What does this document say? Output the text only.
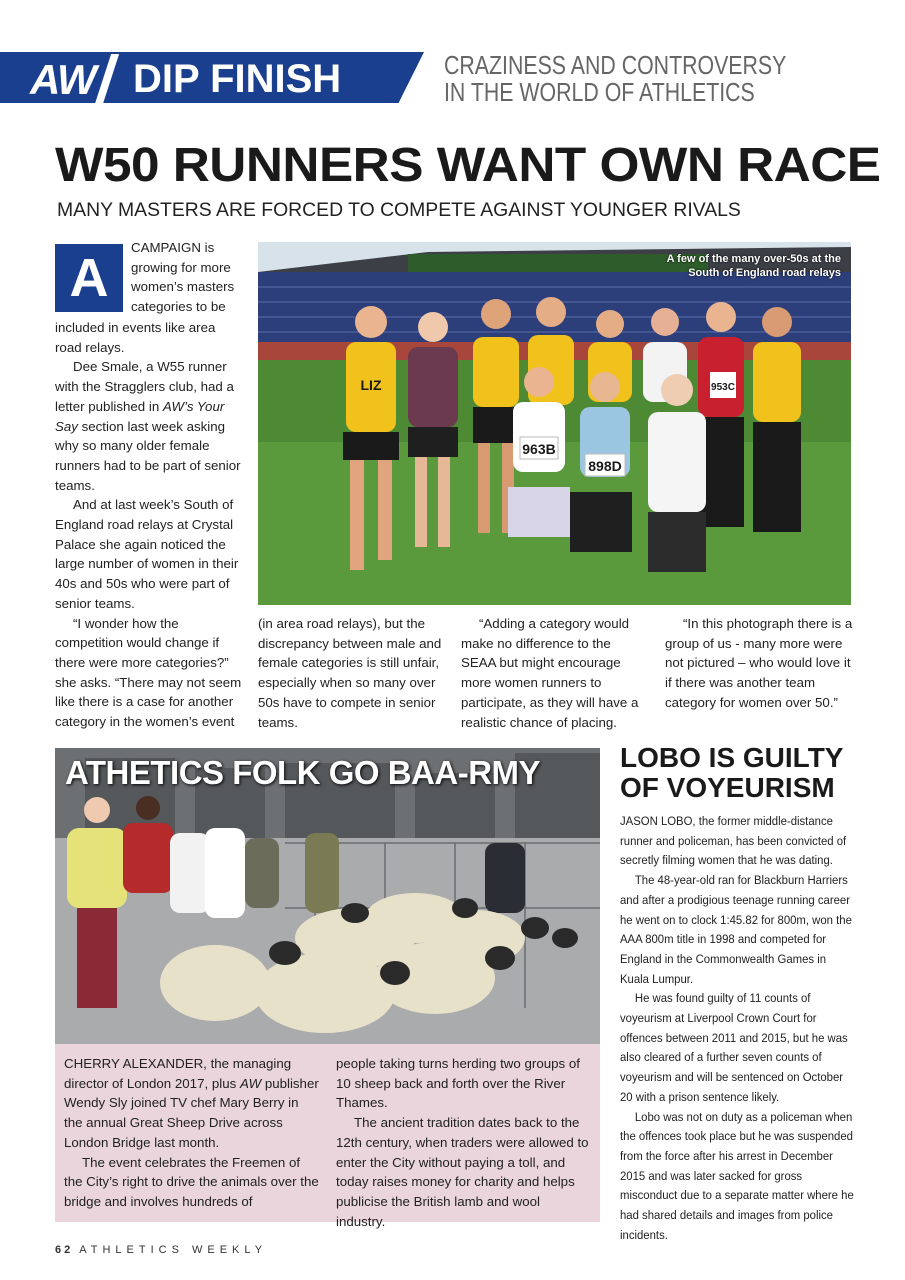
AW DIP FINISH	CRAZINESS AND CONTROVERSY
IN THE WORLD OF ATHLETICS
W50 RUNNERS WANT OWN RACE
MANY MASTERS ARE FORCED TO COMPETE AGAINST YOUNGER RIVALS
A
CAMPAIGN is
growing for more
women’s masters
categories to be

included in events like area road relays.

Dee Smale, a W55 runner with the Stragglers club, had a letter published in AW’s Your Say section last week asking why so many older female runners had to be part of senior teams.

And at last week’s South of England road relays at Crystal Palace she again noticed the large number of women in their 40s and 50s who were part of senior teams.

“I wonder how the competition would change if there were more categories?” she asks. “There may not seem like there is a case for another category in the women’s event

LIZ	953C
963B
898D
A few of the many over-50s at the
South of England road relays

(in area road relays), but the discrepancy between male and female categories is still unfair, especially when so many over 50s have to compete in senior teams.

“Adding a category would make no difference to the SEAA but might encourage more women runners to participate, as they will have a realistic chance of placing.

“In this photograph there is a group of us - many more were not pictured – who would love it if there was another team category for women over 50.”

ATHETICS FOLK GO BAA-RMY

CHERRY ALEXANDER, the managing director of London 2017, plus AW publisher Wendy Sly joined TV chef Mary Berry in the annual Great Sheep Drive across London Bridge last month.

The event celebrates the Freemen of the City’s right to drive the animals over the bridge and involves hundreds of

people taking turns herding two groups of 10 sheep back and forth over the River Thames.

The ancient tradition dates back to the 12th century, when traders were allowed to enter the City without paying a toll, and today raises money for charity and helps publicise the British lamb and wool industry.

LOBO IS GUILTY
OF VOYEURISM

JASON LOBO, the former middle-distance runner and policeman, has been convicted of secretly filming women that he was dating.

The 48-year-old ran for Blackburn Harriers and after a prodigious teenage running career he went on to clock 1:45.82 for 800m, won the AAA 800m title in 1998 and competed for England in the Commonwealth Games in Kuala Lumpur.

He was found guilty of 11 counts of voyeurism at Liverpool Crown Court for offences between 2011 and 2015, but he was also cleared of a further seven counts of voyeurism and will be sentenced on October 20 with a prison sentence likely.

Lobo was not on duty as a policeman when the offences took place but he was suspended from the force after his arrest in December 2015 and was later sacked for gross misconduct due to a separate matter where he had shared details and images from police incidents.

62 ATHLETICS WEEKLY
